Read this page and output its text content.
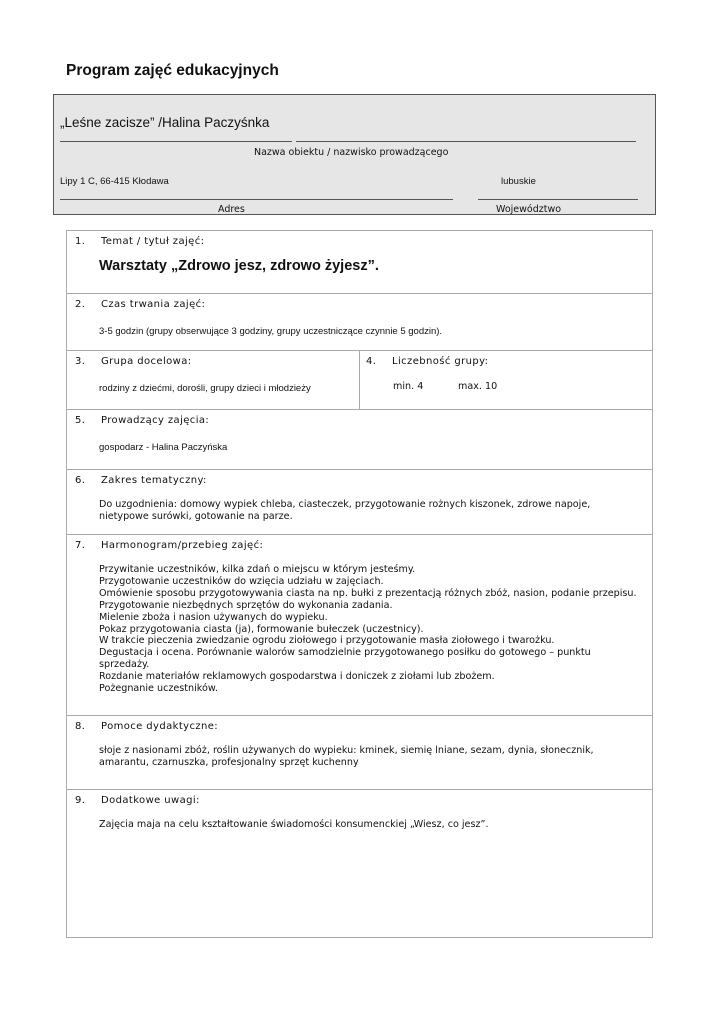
Program zajęć edukacyjnych
„Leśne zacisze” /Halina Paczyśnka
Nazwa obiektu / nazwisko prowadzącego
Lipy 1 C, 66-415 Kłodawa	lubuskie
Adres	Województwo
1. Temat / tytuł zajęć:
Warsztaty „Zdrowo jesz, zdrowo żyjesz”.

2. Czas trwania zajęć:
3-5 godzin (grupy obserwujące 3 godziny, grupy uczestniczące czynnie 5 godzin).

3. Grupa docelowa:
rodziny z dziećmi, dorośli, grupy dzieci i młodzieży

4. Liczebność grupy:
min. 4	max. 10

5. Prowadzący zajęcia:
gospodarz - Halina Paczyńska

6. Zakres tematyczny:
Do uzgodnienia: domowy wypiek chleba, ciasteczek, przygotowanie rożnych kiszonek, zdrowe napoje, nietypowe surówki, gotowanie na parze.

7. Harmonogram/przebieg zajęć:
Przywitanie uczestników, kilka zdań o miejscu w którym jesteśmy.
Przygotowanie uczestników do wzięcia udziału w zajęciach.
Omówienie sposobu przygotowywania ciasta na np. bułki z prezentacją różnych zbóż, nasion, podanie przepisu.
Przygotowanie niezbędnych sprzętów do wykonania zadania.
Mielenie zboża i nasion używanych do wypieku.
Pokaz przygotowania ciasta (ja), formowanie bułeczek (uczestnicy).
W trakcie pieczenia zwiedzanie ogrodu ziołowego i przygotowanie masła ziołowego i twarożku.
Degustacja i ocena. Porównanie walorów samodzielnie przygotowanego posiłku do gotowego – punktu sprzedaży.
Rozdanie materiałów reklamowych gospodarstwa i doniczek z ziołami lub zbożem.
Pożegnanie uczestników.

8. Pomoce dydaktyczne:
słoje z nasionami zbóż, roślin używanych do wypieku: kminek, siemię lniane, sezam, dynia, słonecznik, amarantu, czarnuszka, profesjonalny sprzęt kuchenny

9. Dodatkowe uwagi:
Zajęcia maja na celu kształtowanie świadomości konsumenckiej „Wiesz, co jesz”.
